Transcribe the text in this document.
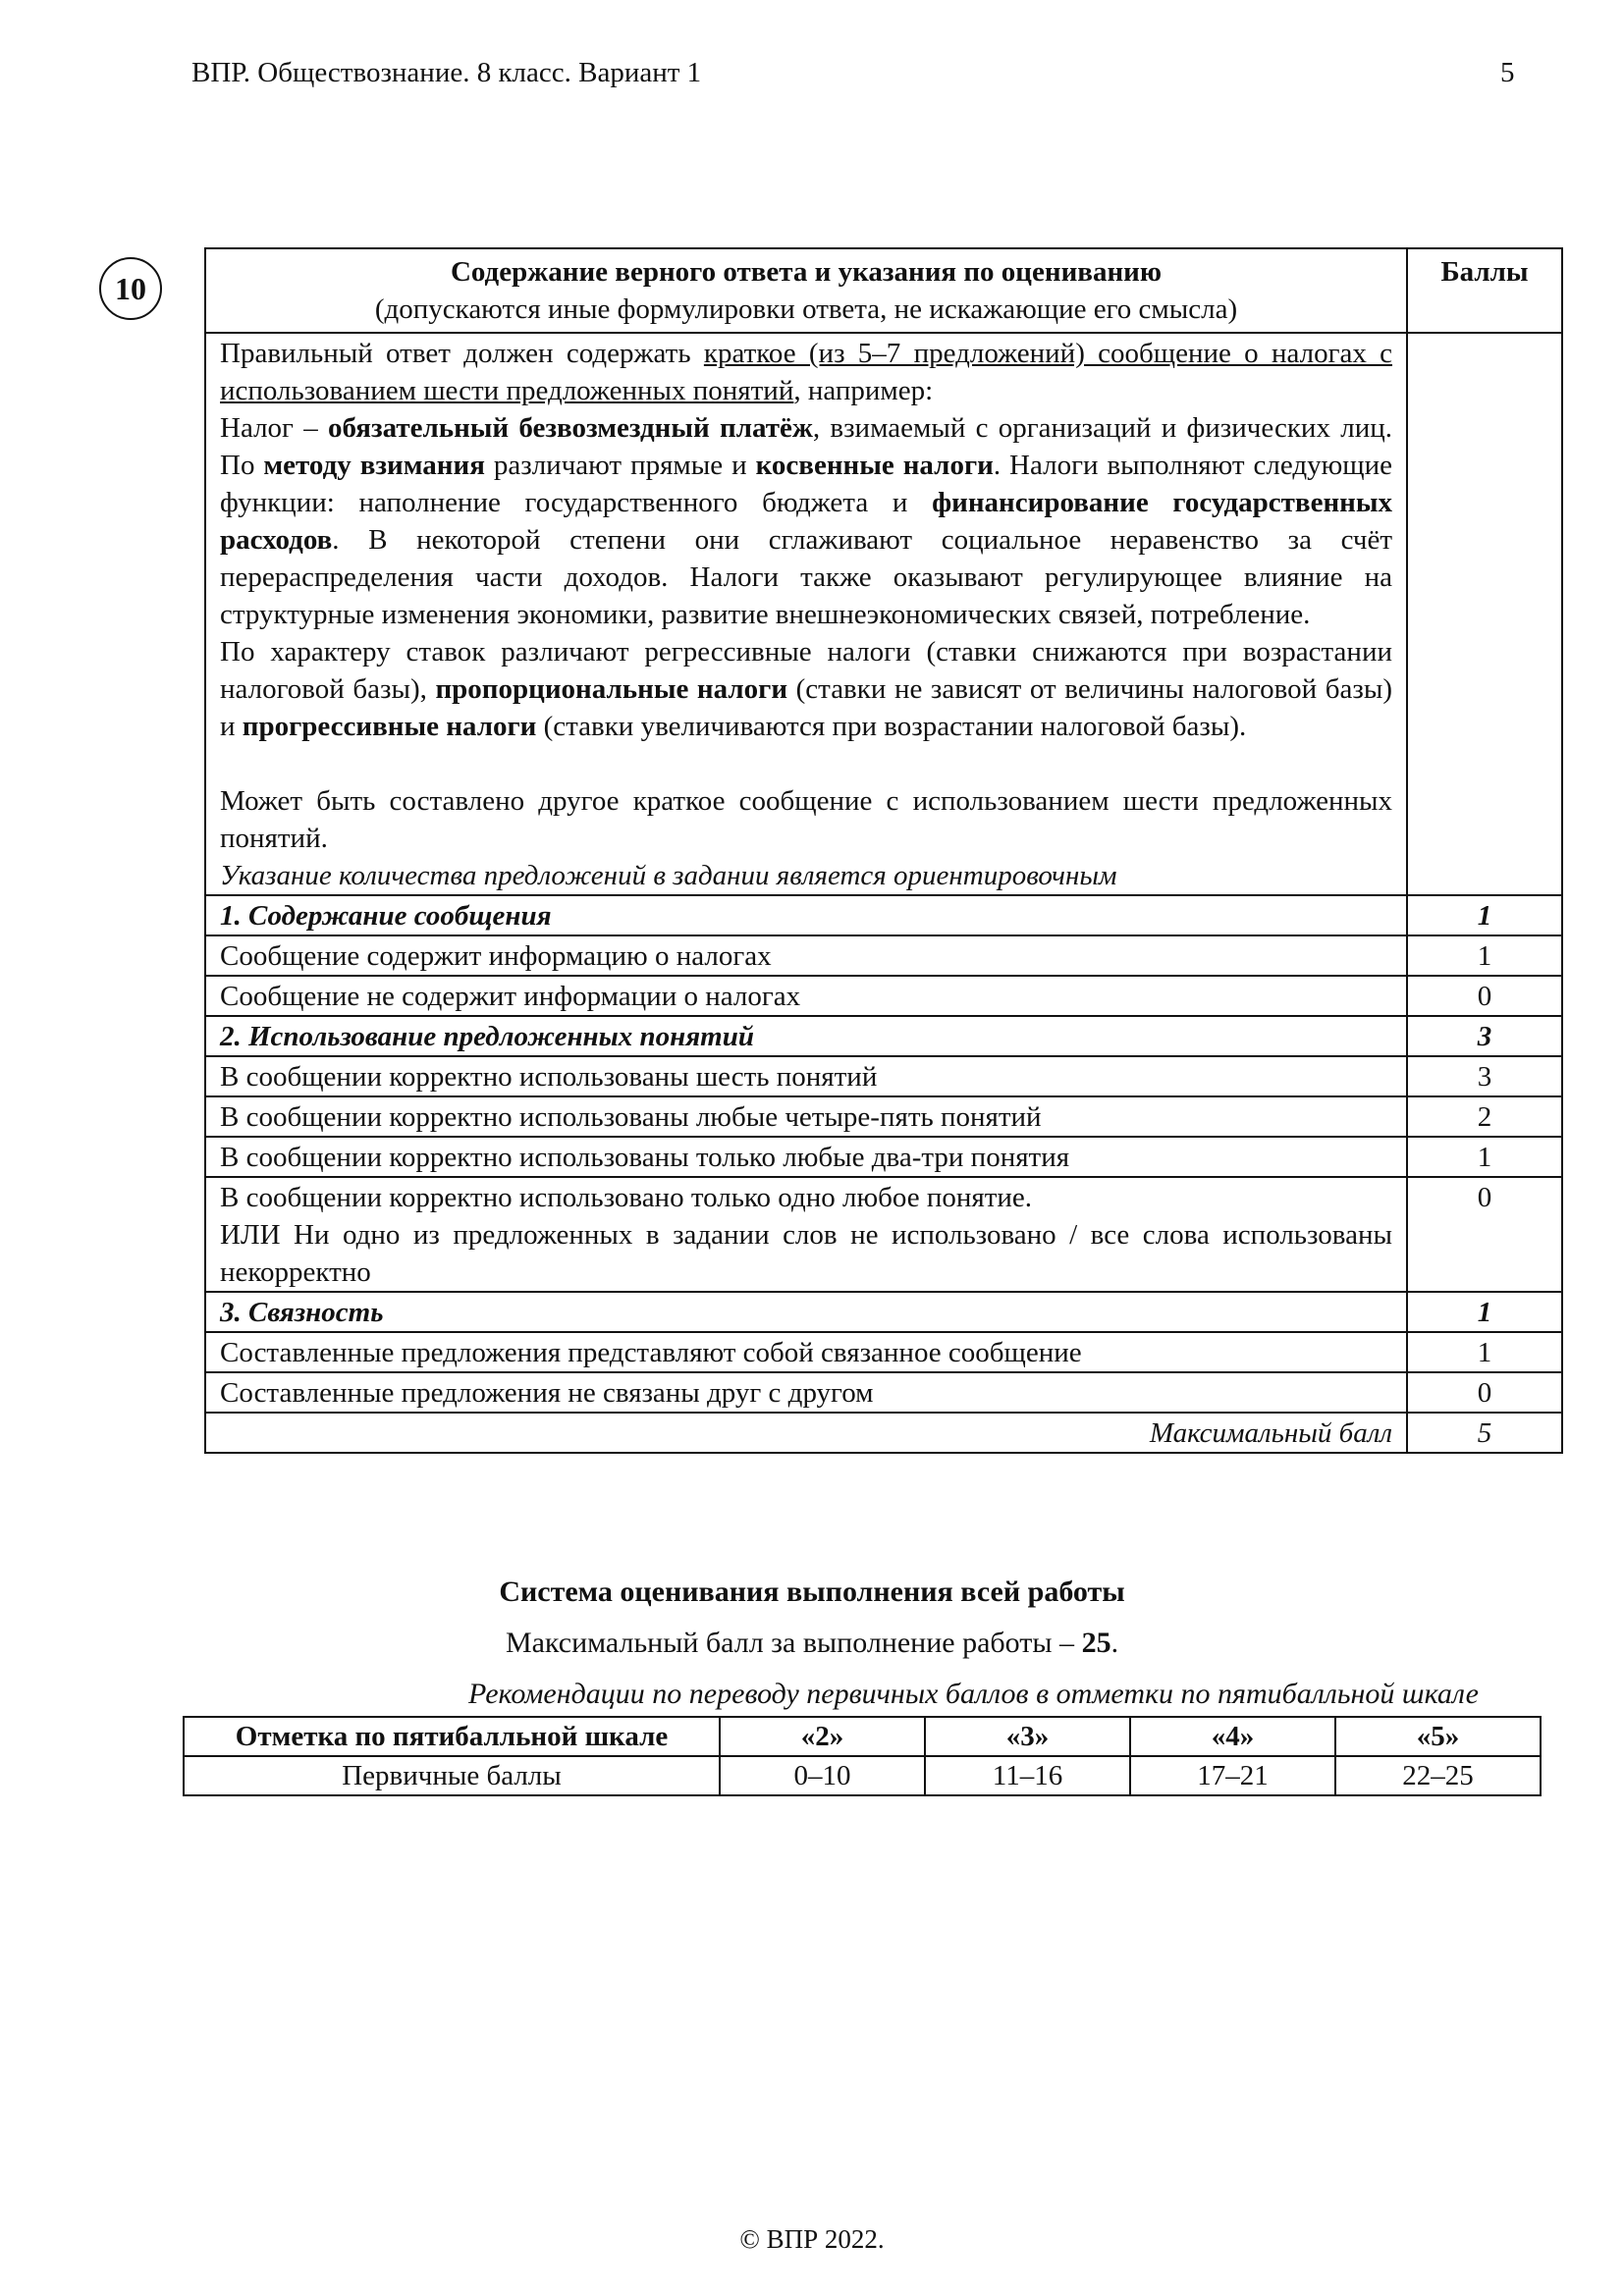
ВПР. Обществознание. 8 класс. Вариант 1	5
10	Содержание верного ответа и указания по оцениванию
(допускаются иные формулировки ответа, не искажающие его смысла)	Баллы

Правильный ответ должен содержать краткое (из 5–7 предложений) сообщение о налогах с использованием шести предложенных понятий, например:
Налог – обязательный безвозмездный платёж, взимаемый с организаций и физических лиц. По методу взимания различают прямые и косвенные налоги. Налоги выполняют следующие функции: наполнение государственного бюджета и финансирование государственных расходов. В некоторой степени они сглаживают социальное неравенство за счёт перераспределения части доходов. Налоги также оказывают регулирующее влияние на структурные изменения экономики, развитие внешнеэкономических связей, потребление.
По характеру ставок различают регрессивные налоги (ставки снижаются при возрастании налоговой базы), пропорциональные налоги (ставки не зависят от величины налоговой базы) и прогрессивные налоги (ставки увеличиваются при возрастании налоговой базы).
Может быть составлено другое краткое сообщение с использованием шести предложенных понятий.
Указание количества предложений в задании является ориентировочным	

1. Содержание сообщения	1
Сообщение содержит информацию о налогах	1
Сообщение не содержит информации о налогах	0
2. Использование предложенных понятий	3
В сообщении корректно использованы шесть понятий	3
В сообщении корректно использованы любые четыре-пять понятий	2
В сообщении корректно использованы только любые два-три понятия	1

В сообщении корректно использовано только одно любое понятие.
ИЛИ Ни одно из предложенных в задании слов не использовано / все слова использованы некорректно	0
3. Связность	1
Составленные предложения представляют собой связанное сообщение	1
Составленные предложения не связаны друг с другом	0
Максимальный балл	5
Система оценивания выполнения всей работы
Максимальный балл за выполнение работы – 25.
Рекомендации по переводу первичных баллов в отметки по пятибалльной шкале
Отметка по пятибалльной шкале	«2»	«3»	«4»	«5»
Первичные баллы	0–10	11–16	17–21	22–25
© ВПР 2022.
